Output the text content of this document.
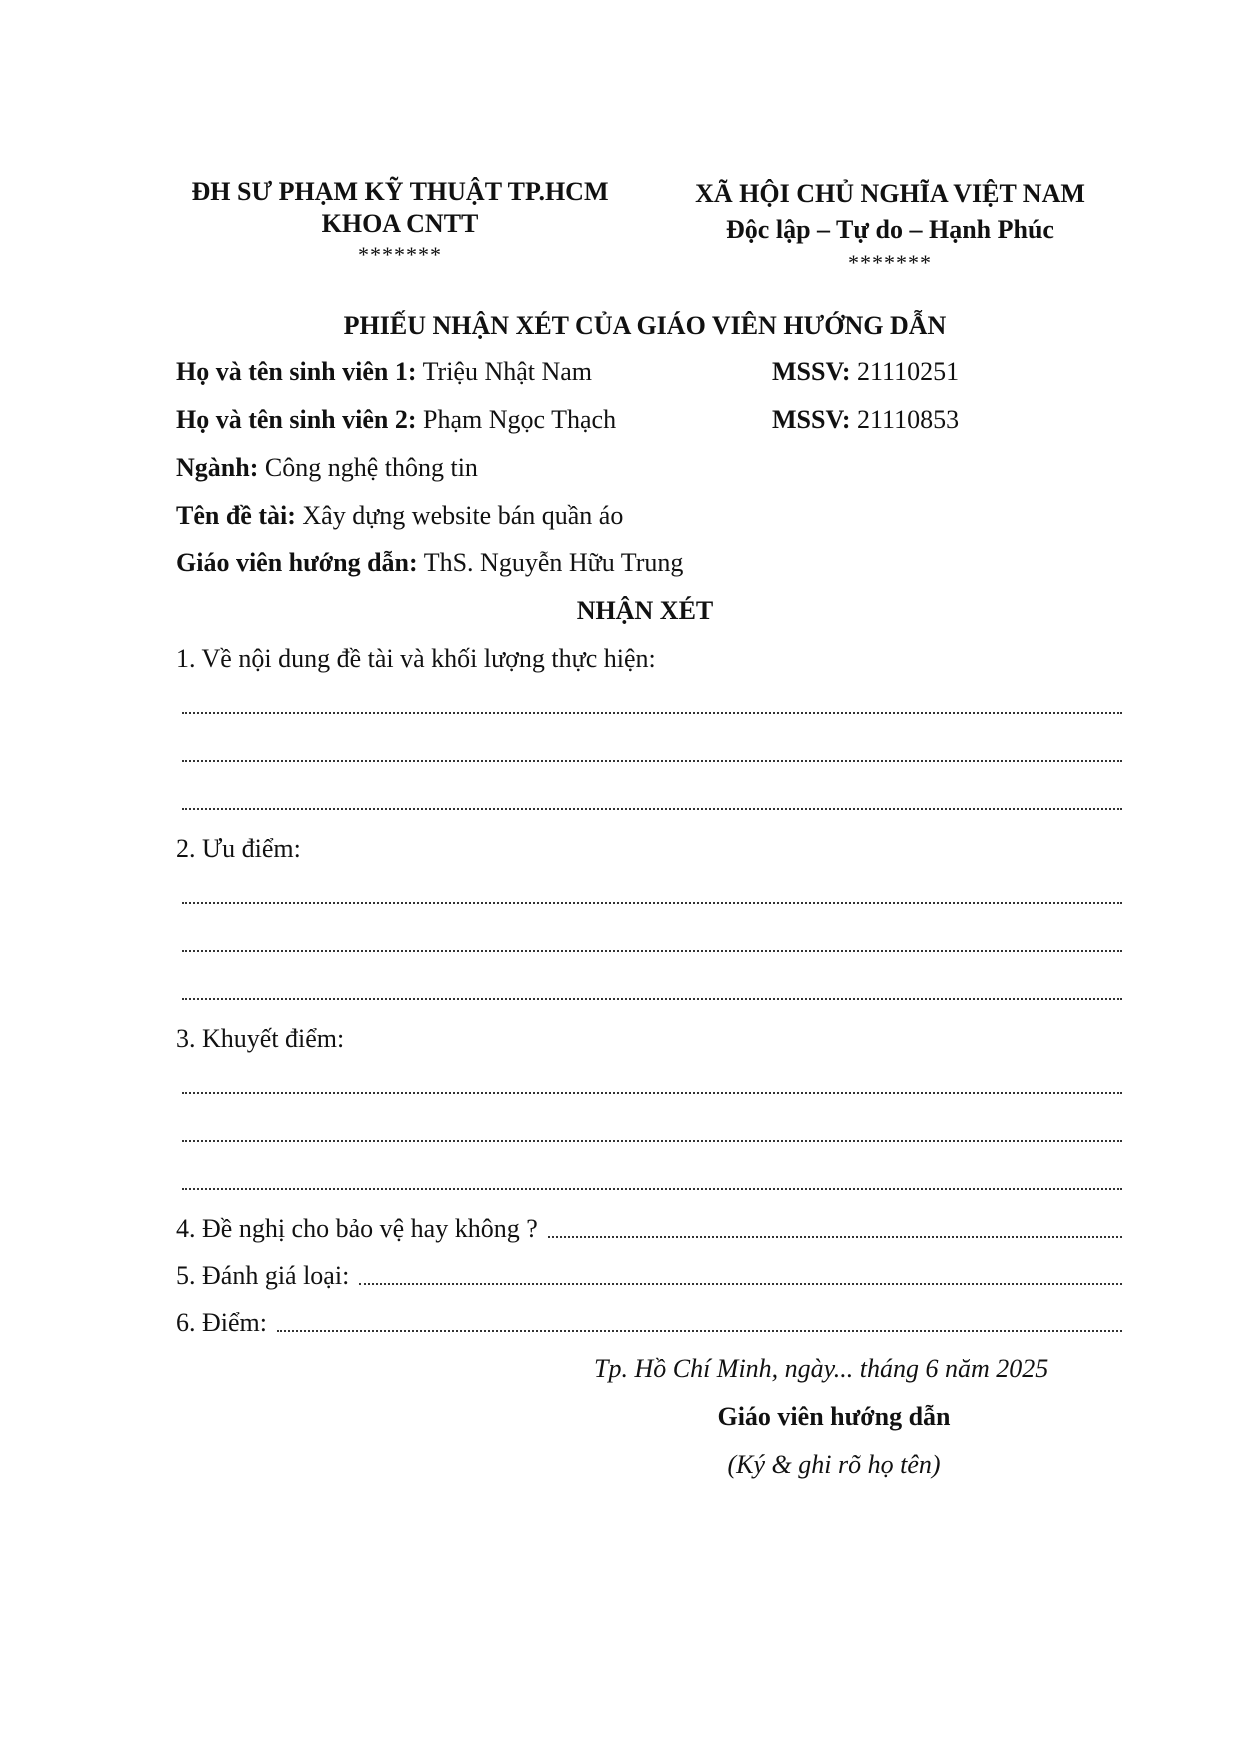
ĐH SƯ PHẠM KỸ THUẬT TP.HCM
KHOA CNTT
*******
XÃ HỘI CHỦ NGHĨA VIỆT NAM
Độc lập – Tự do – Hạnh Phúc
*******
PHIẾU NHẬN XÉT CỦA GIÁO VIÊN HƯỚNG DẪN
Họ và tên sinh viên 1: Triệu Nhật Nam	MSSV: 21110251
Họ và tên sinh viên 2: Phạm Ngọc Thạch	MSSV: 21110853
Ngành: Công nghệ thông tin
Tên đề tài: Xây dựng website bán quần áo
Giáo viên hướng dẫn: ThS. Nguyễn Hữu Trung
NHẬN XÉT
1. Về nội dung đề tài và khối lượng thực hiện:
2. Ưu điểm:
3. Khuyết điểm:
4. Đề nghị cho bảo vệ hay không ?
5. Đánh giá loại:
6. Điểm:
Tp. Hồ Chí Minh, ngày... tháng 6 năm 2025
Giáo viên hướng dẫn
(Ký & ghi rõ họ tên)
